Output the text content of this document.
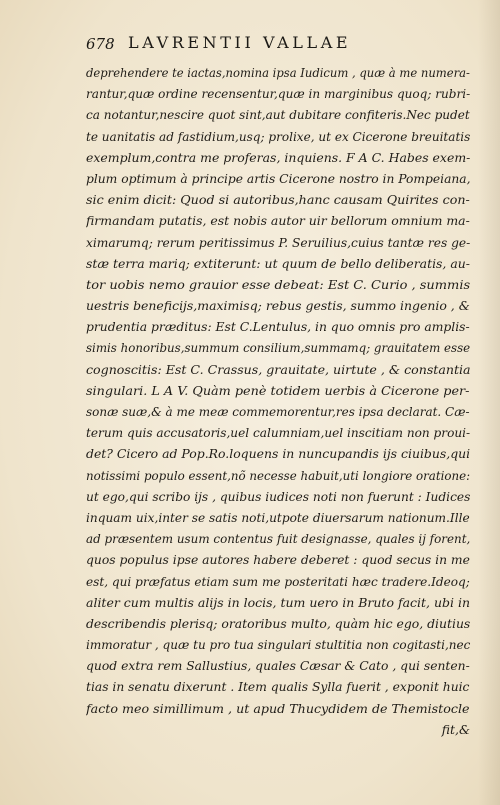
678 LAVRENTII VALLAE
deprehendere te iactas,nomina ipsa Iudicum , quæ à me numera-
rantur,quæ ordine recensentur,quæ in marginibus quoq; rubri-
ca notantur,nescire quot sint,aut dubitare confiteris.Nec pudet
te uanitatis ad fastidium,usq; prolixe, ut ex Cicerone breuitatis
exemplum,contra me proferas, inquiens. F A C. Habes exem-
plum optimum à principe artis Cicerone nostro in Pompeiana,
sic enim dicit: Quod si autoribus,hanc causam Quirites con-
firmandam putatis, est nobis autor uir bellorum omnium ma-
ximarumq; rerum peritissimus P. Seruilius,cuius tantæ res ge-
stæ terra mariq; extiterunt: ut quum de bello deliberatis, au-
tor uobis nemo grauior esse debeat: Est C. Curio , summis
uestris beneficijs,maximisq; rebus gestis, summo ingenio , &
prudentia præditus: Est C.Lentulus, in quo omnis pro amplis-
simis honoribus,summum consilium,summamq; grauitatem esse
cognoscitis: Est C. Crassus, grauitate, uirtute , & constantia
singulari. L A V. Quàm penè totidem uerbis à Cicerone per-
sonæ suæ,& à me meæ commemorentur,res ipsa declarat. Cæ-
terum quis accusatoris,uel calumniam,uel inscitiam non proui-
det? Cicero ad Pop.Ro.loquens in nuncupandis ijs ciuibus,qui
notissimi populo essent,nõ necesse habuit,uti longiore oratione:
ut ego,qui scribo ijs , quibus iudices noti non fuerunt : Iudices
inquam uix,inter se satis noti,utpote diuersarum nationum.Ille
ad præsentem usum contentus fuit designasse, quales ij forent,
quos populus ipse autores habere deberet : quod secus in me
est, qui præfatus etiam sum me posteritati hæc tradere.Ideoq;
aliter cum multis alijs in locis, tum uero in Bruto facit, ubi in
describendis plerisq; oratoribus multo, quàm hic ego, diutius
immoratur , quæ tu pro tua singulari stultitia non cogitasti,nec
quod extra rem Sallustius, quales Cæsar & Cato , qui senten-
tias in senatu dixerunt . Item qualis Sylla fuerit , exponit huic
facto meo simillimum , ut apud Thucydidem de Themistocle
fit,&
